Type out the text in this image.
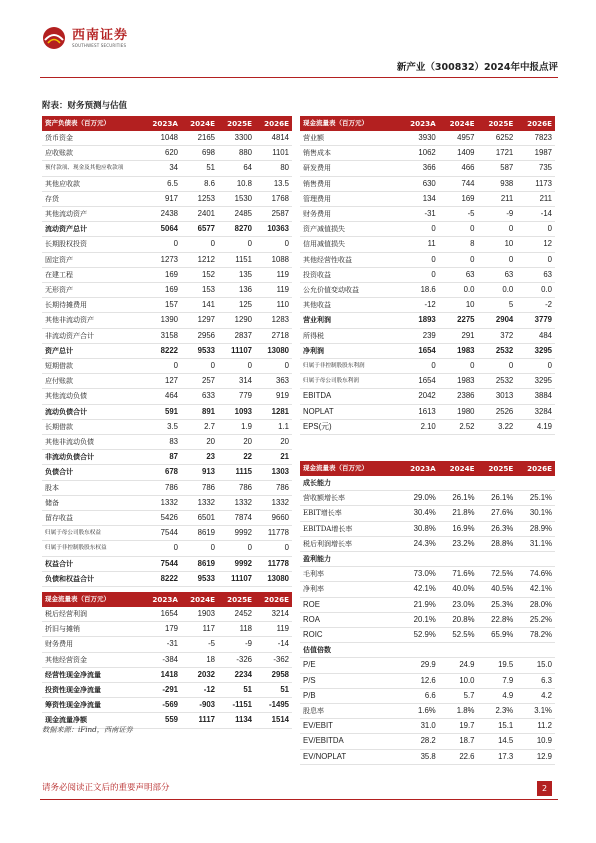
西南证券
SOUTHWEST SECURITIES
新产业（300832）2024年中报点评
附表：财务预测与估值
资产负债表（百万元）	2023A	2024E	2025E	2026E
货币资金	1048	2165	3300	4814
应收账款	620	698	880	1101
预付款项、现金及其他应收款项	34	51	64	80
其他应收款	6.5	8.6	10.8	13.5
存货	917	1253	1530	1768
其他流动资产	2438	2401	2485	2587
流动资产总计	5064	6577	8270	10363
长期股权投资	0	0	0	0
固定资产	1273	1212	1151	1088
在建工程	169	152	135	119
无形资产	169	153	136	119
长期待摊费用	157	141	125	110
其他非流动资产	1390	1297	1290	1283
非流动资产合计	3158	2956	2837	2718
资产总计	8222	9533	11107	13080
短期借款	0	0	0	0
应付账款	127	257	314	363
其他流动负债	464	633	779	919
流动负债合计	591	891	1093	1281
长期借款	3.5	2.7	1.9	1.1
其他非流动负债	83	20	20	20
非流动负债合计	87	23	22	21
负债合计	678	913	1115	1303
股本	786	786	786	786
储备	1332	1332	1332	1332
留存收益	5426	6501	7874	9660
归属于母公司股东权益	7544	8619	9992	11778
归属于非控制股股东权益	0	0	0	0
权益合计	7544	8619	9992	11778
负债和权益合计	8222	9533	11107	13080
现金流量表（百万元）	2023A	2024E	2025E	2026E
税后经营利润	1654	1903	2452	3214
折旧与摊销	179	117	118	119
财务费用	-31	-5	-9	-14
其他经营资金	-384	18	-326	-362
经营性现金净流量	1418	2032	2234	2958
投资性现金净流量	-291	-12	51	51
筹资性现金净流量	-569	-903	-1151	-1495
现金流量净额	559	1117	1134	1514
现金流量表（百万元）	2023A	2024E	2025E	2026E
营业额	3930	4957	6252	7823
销售成本	1062	1409	1721	1987
研发费用	366	466	587	735
销售费用	630	744	938	1173
管理费用	134	169	211	211
财务费用	-31	-5	-9	-14
资产减值损失	0	0	0	0
信用减值损失	11	8	10	12
其他经营性收益	0	0	0	0
投资收益	0	63	63	63
公允价值变动收益	18.6	0.0	0.0	0.0
其他收益	-12	10	5	-2
营业利润	1893	2275	2904	3779
所得税	239	291	372	484
净利润	1654	1983	2532	3295
归属于非控制股股东利润	0	0	0	0
归属于母公司股东利润	1654	1983	2532	3295
EBITDA	2042	2386	3013	3884
NOPLAT	1613	1980	2526	3284
EPS(元)	2.10	2.52	3.22	4.19
现金流量表（百万元）	2023A	2024E	2025E	2026E
成长能力				
营收额增长率	29.0%	26.1%	26.1%	25.1%
EBIT增长率	30.4%	21.8%	27.6%	30.1%
EBITDA增长率	30.8%	16.9%	26.3%	28.9%
税后利润增长率	24.3%	23.2%	28.8%	31.1%
盈利能力				
毛利率	73.0%	71.6%	72.5%	74.6%
净利率	42.1%	40.0%	40.5%	42.1%
ROE	21.9%	23.0%	25.3%	28.0%
ROA	20.1%	20.8%	22.8%	25.2%
ROIC	52.9%	52.5%	65.9%	78.2%
估值倍数				
P/E	29.9	24.9	19.5	15.0
P/S	12.6	10.0	7.9	6.3
P/B	6.6	5.7	4.9	4.2
股息率	1.6%	1.8%	2.3%	3.1%
EV/EBIT	31.0	19.7	15.1	11.2
EV/EBITDA	28.2	18.7	14.5	10.9
EV/NOPLAT	35.8	22.6	17.3	12.9
数据来源：iFind，西南证券
请务必阅读正文后的重要声明部分	2
